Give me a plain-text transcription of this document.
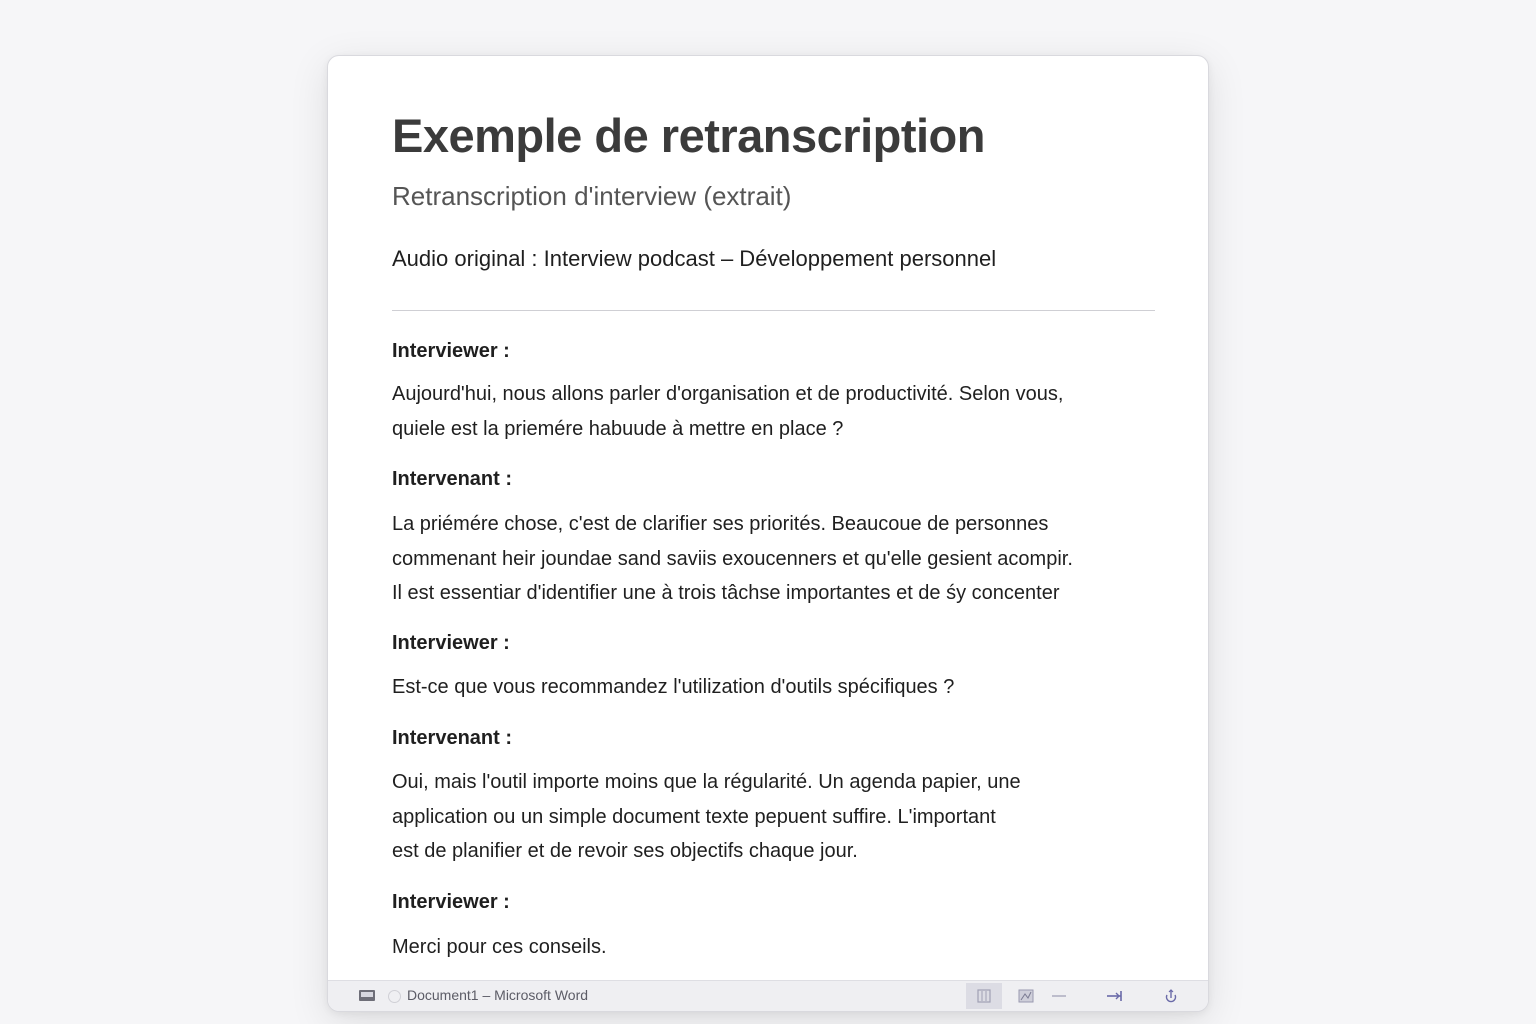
Exemple de retranscription
Retranscription d'interview (extrait)
Audio original : Interview podcast – Développement personnel
Interviewer :
Aujourd'hui, nous allons parler d'organisation et de productivité. Selon vous,
quiele est la priemére habuude à mettre en place ?
Intervenant :
La priémére chose, c'est de clarifier ses priorités. Beaucoue de personnes
commenant heir joundae sand saviis exoucenners et qu'elle gesient acompir.
Il est essentiar d'identifier une à trois tâchse importantes et de śy concenter
Interviewer :
Est-ce que vous recommandez l'utilization d'outils spécifiques ?
Intervenant :
Oui, mais l'outil importe moins que la régularité. Un agenda papier, une
application ou un simple document texte pepuent suffire. L'important
est de planifier et de revoir ses objectifs chaque jour.
Interviewer :
Merci pour ces conseils.
Document1 – Microsoft Word
